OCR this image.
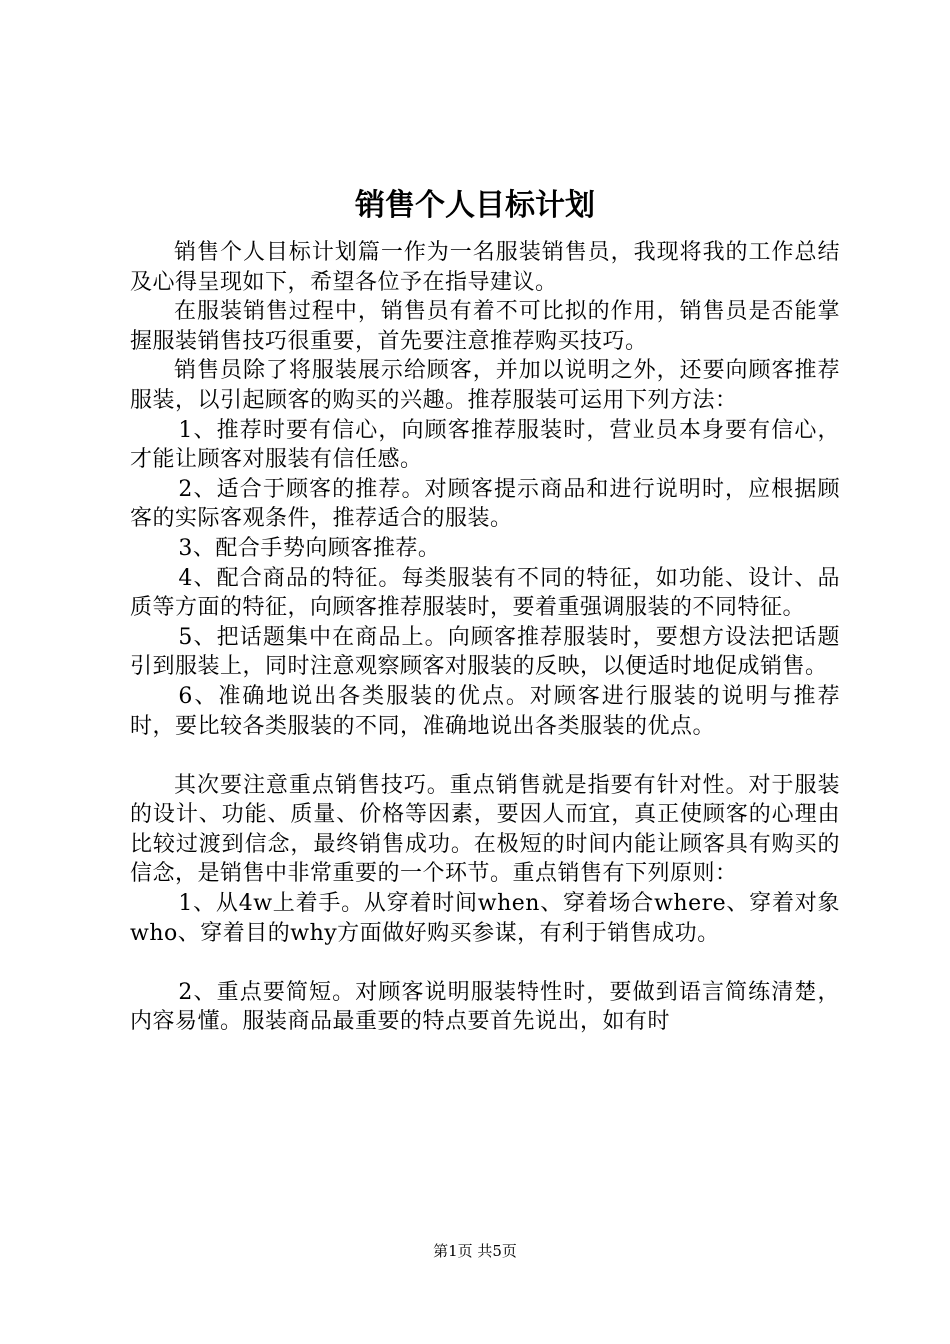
销售个人目标计划

销售个人目标计划篇一作为一名服装销售员，我现将我的工作总结及心得呈现如下，希望各位予在指导建议。

在服装销售过程中，销售员有着不可比拟的作用，销售员是否能掌握服装销售技巧很重要，首先要注意推荐购买技巧。

销售员除了将服装展示给顾客，并加以说明之外，还要向顾客推荐服装，以引起顾客的购买的兴趣。推荐服装可运用下列方法：

1、推荐时要有信心，向顾客推荐服装时，营业员本身要有信心，才能让顾客对服装有信任感。

2、适合于顾客的推荐。对顾客提示商品和进行说明时，应根据顾客的实际客观条件，推荐适合的服装。

3、配合手势向顾客推荐。

4、配合商品的特征。每类服装有不同的特征，如功能、设计、品质等方面的特征，向顾客推荐服装时，要着重强调服装的不同特征。

5、把话题集中在商品上。向顾客推荐服装时，要想方设法把话题引到服装上，同时注意观察顾客对服装的反映，以便适时地促成销售。

6、准确地说出各类服装的优点。对顾客进行服装的说明与推荐时，要比较各类服装的不同，准确地说出各类服装的优点。

其次要注意重点销售技巧。重点销售就是指要有针对性。对于服装的设计、功能、质量、价格等因素，要因人而宜，真正使顾客的心理由比较过渡到信念，最终销售成功。在极短的时间内能让顾客具有购买的信念，是销售中非常重要的一个环节。重点销售有下列原则：

1、从4w上着手。从穿着时间when、穿着场合where、穿着对象who、穿着目的why方面做好购买参谋，有利于销售成功。

2、重点要简短。对顾客说明服装特性时，要做到语言简练清楚，内容易懂。服装商品最重要的特点要首先说出，如有时

第1页 共5页
